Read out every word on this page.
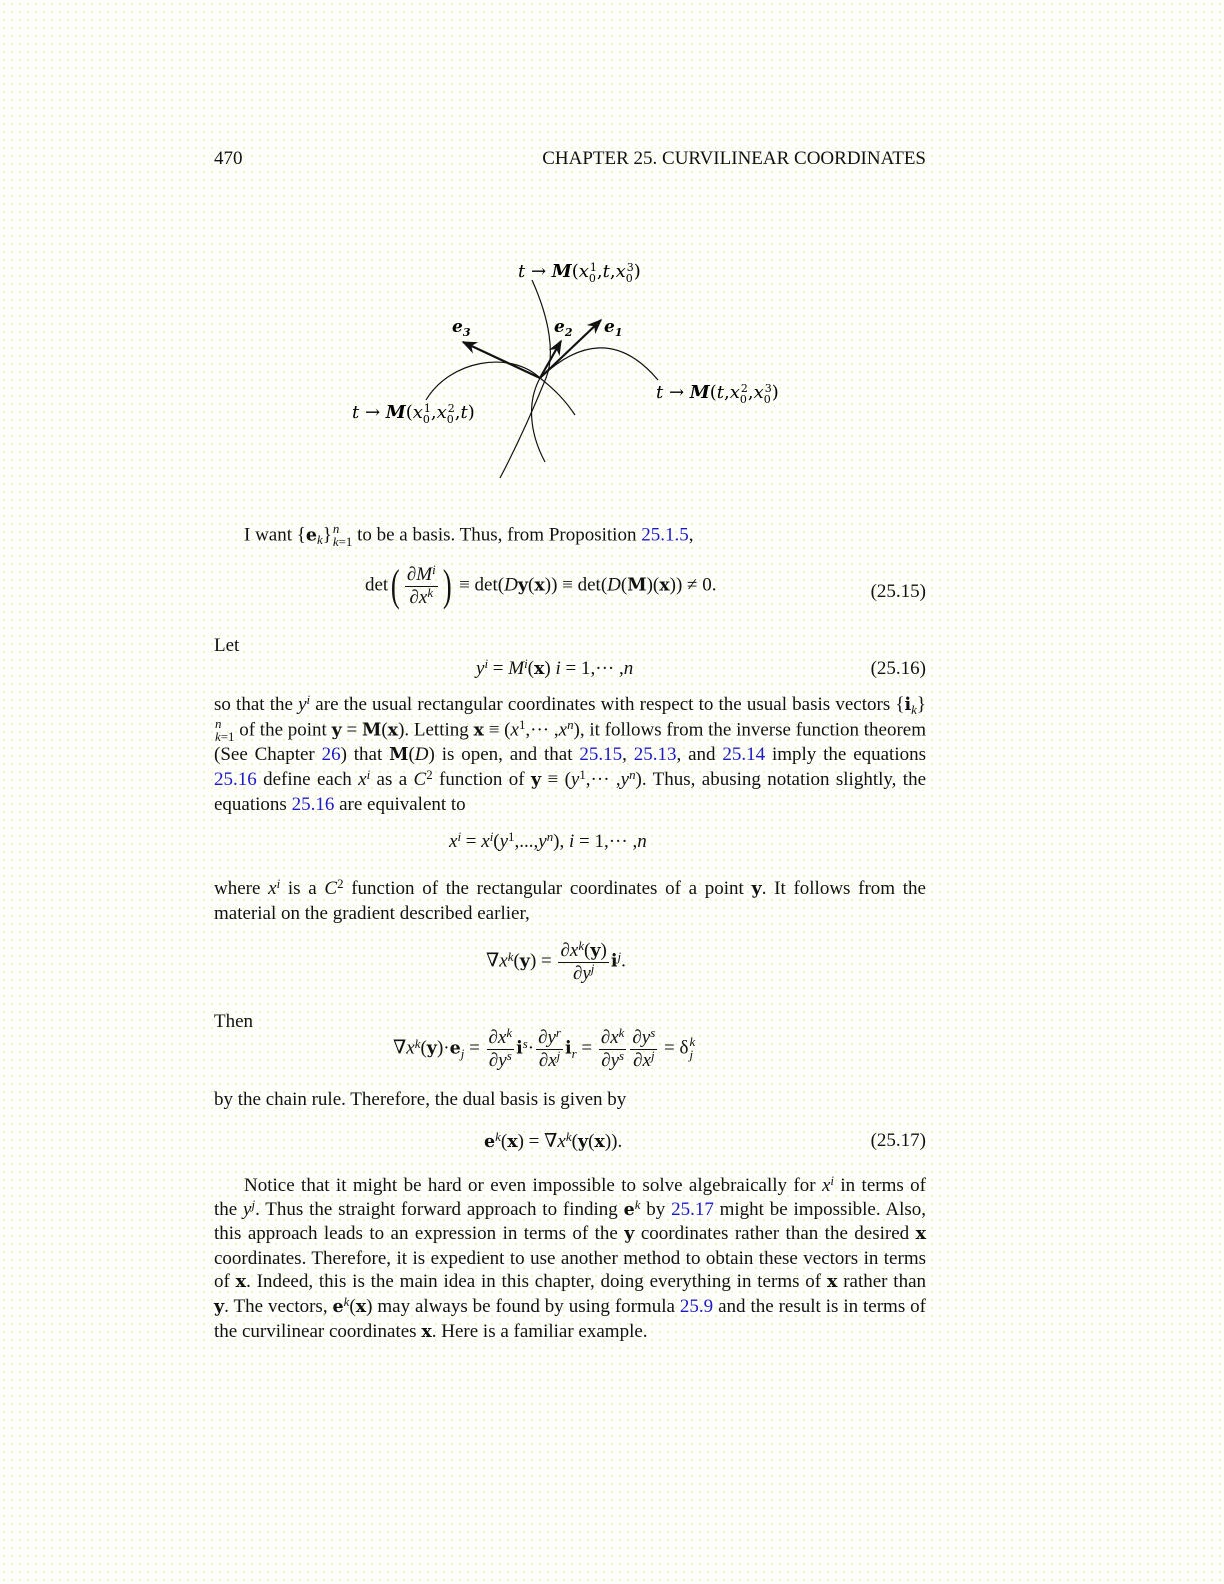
470	CHAPTER 25. CURVILINEAR COORDINATES
$t \to M(x_01,t,x_03)$
$e_3$	$e_2$ $e_1$
$t \to M(t,x_02,x_03)$
$t \to M(x_01,x_02,t)$
I want $\{e_k\}$ n
k=1 to be a basis. Thus, from Proposition 25.1.5,
$\det( \frac{\partial M^i}{\partial x^k}$ ) ≡ det(Dy(x)) ≡ det(D(M)(x)) ≠ 0.	(25.15)
Let
$y^i = M^i(x) i = 1,\cdot\cdot\cdot ,n$	(25.16)
so that the $y^i$ are the usual rectangular coordinates with respect to the usual basis vectors $\{i_k\}$
n
k=1 of the point y = M(x). Letting $x \equiv (x^1,\cdot\cdot\cdot ,x^n)$, it follows from the inverse function theorem (See Chapter 26) that M(D) is open, and that 25.15, 25.13, and 25.14 imply the equations 25.16 define each $x^i$ as a $C^2$ function of $y \equiv (y^1,\cdot\cdot\cdot ,y^n)$. Thus, abusing notation slightly, the equations 25.16 are equivalent to
$x^i = x^i(y^1,...,y^n)$, i = 1,··· ,n
where $x^i$ is a $C^2$ function of the rectangular coordinates of a point y. It follows from the material on the gradient described earlier,
$\nabla x^k(y) = \frac{\partial x^k(y)}{\partial y^j} i^j$.
Then
$\nabla x^k(y)\cdot e_j = \frac{\partial x^k}{\partial y^s} i^s\cdot \frac{\partial y^r}{\partial x^j} i_r = \frac{\partial x^k}{\partial y^s} \frac{\partial y^s}{\partial x^j} = \delta$ k
j
by the chain rule. Therefore, the dual basis is given by
$e^k(x) = \nabla x^k(y(x))$.	(25.17)
Notice that it might be hard or even impossible to solve algebraically for $x^i$ in terms of the $y^j$. Thus the straight forward approach to finding $e^k$ by 25.17 might be impossible. Also, this approach leads to an expression in terms of the y coordinates rather than the desired x coordinates. Therefore, it is expedient to use another method to obtain these vectors in terms of x. Indeed, this is the main idea in this chapter, doing everything in terms of x rather than y. The vectors, $e^k(x)$ may always be found by using formula 25.9 and the result is in terms of the curvilinear coordinates x. Here is a familiar example.
